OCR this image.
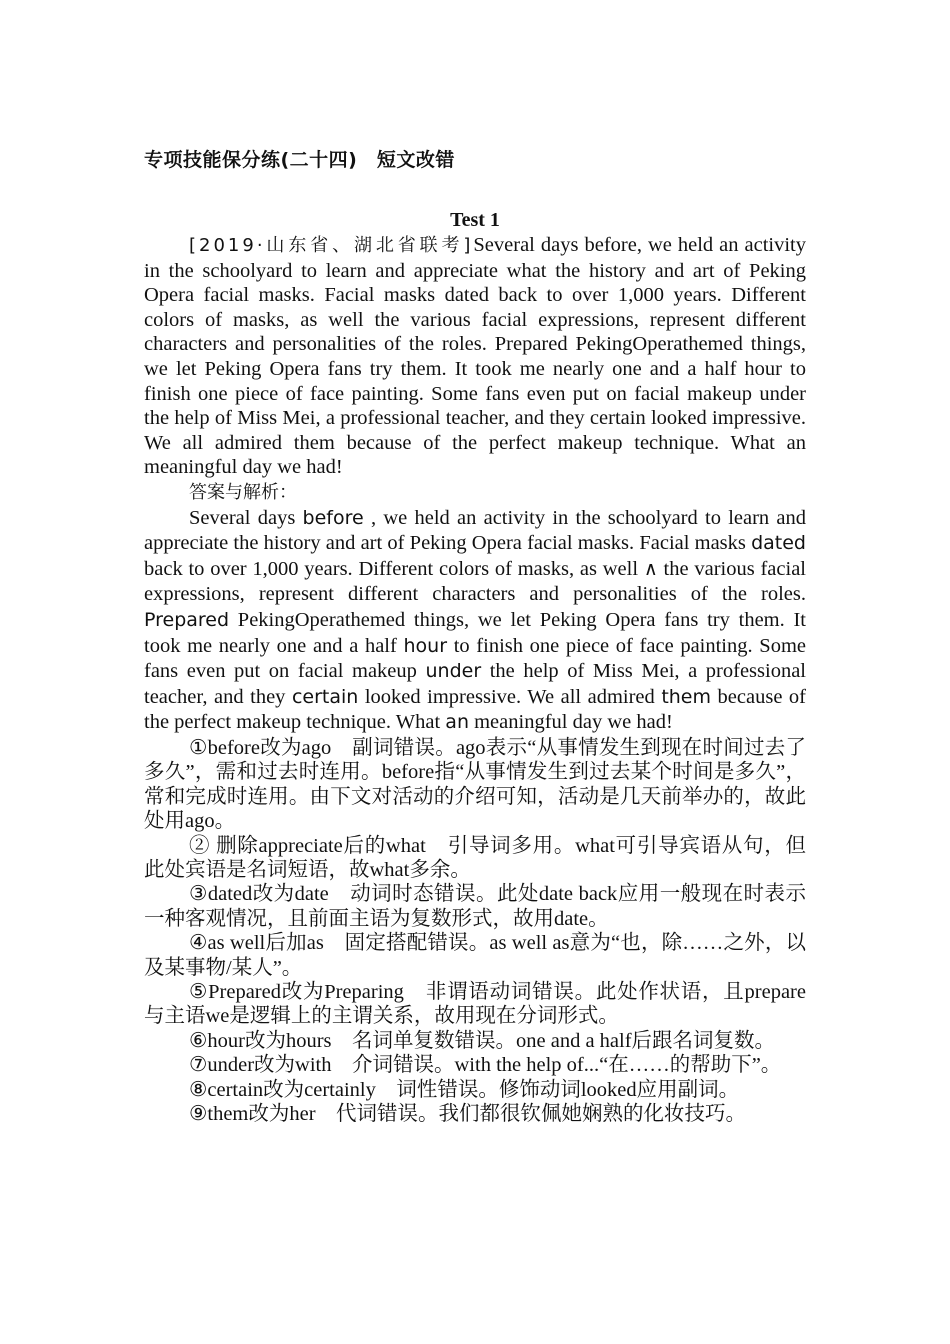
专项技能保分练(二十四)　短文改错
Test 1

[2019·山东省、湖北省联考]Several days before, we held an activity in the schoolyard to learn and appreciate what the history and art of Peking Opera facial masks. Facial masks dated back to over 1,000 years. Different colors of masks, as well the various facial expressions, represent different characters and personalities of the roles. Prepared PekingOperathemed things, we let Peking Opera fans try them. It took me nearly one and a half hour to finish one piece of face painting. Some fans even put on facial makeup under the help of Miss Mei, a professional teacher, and they certain looked impressive. We all admired them because of the perfect makeup technique. What an meaningful day we had!

答案与解析：

Several days before , we held an activity in the schoolyard to learn and appreciate the history and art of Peking Opera facial masks. Facial masks dated back to over 1,000 years. Different colors of masks, as well ∧ the various facial expressions, represent different characters and personalities of the roles. Prepared PekingOperathemed things, we let Peking Opera fans try them. It took me nearly one and a half hour to finish one piece of face painting. Some fans even put on facial makeup under the help of Miss Mei, a professional teacher, and they certain looked impressive. We all admired them because of the perfect makeup technique. What an meaningful day we had!

①before改为ago　副词错误。ago表示“从事情发生到现在时间过去了多久”，需和过去时连用。before指“从事情发生到过去某个时间是多久”，常和完成时连用。由下文对活动的介绍可知，活动是几天前举办的，故此处用ago。

② 删除appreciate后的what　引导词多用。what可引导宾语从句，但此处宾语是名词短语，故what多余。

③dated改为date　动词时态错误。此处date back应用一般现在时表示一种客观情况，且前面主语为复数形式，故用date。

④as well后加as　固定搭配错误。as well as意为“也，除……之外，以及某事物/某人”。

⑤Prepared改为Preparing　非谓语动词错误。此处作状语，且prepare与主语we是逻辑上的主谓关系，故用现在分词形式。

⑥hour改为hours　名词单复数错误。one and a half后跟名词复数。

⑦under改为with　介词错误。with the help of...“在……的帮助下”。

⑧certain改为certainly　词性错误。修饰动词looked应用副词。

⑨them改为her　代词错误。我们都很钦佩她娴熟的化妆技巧。
